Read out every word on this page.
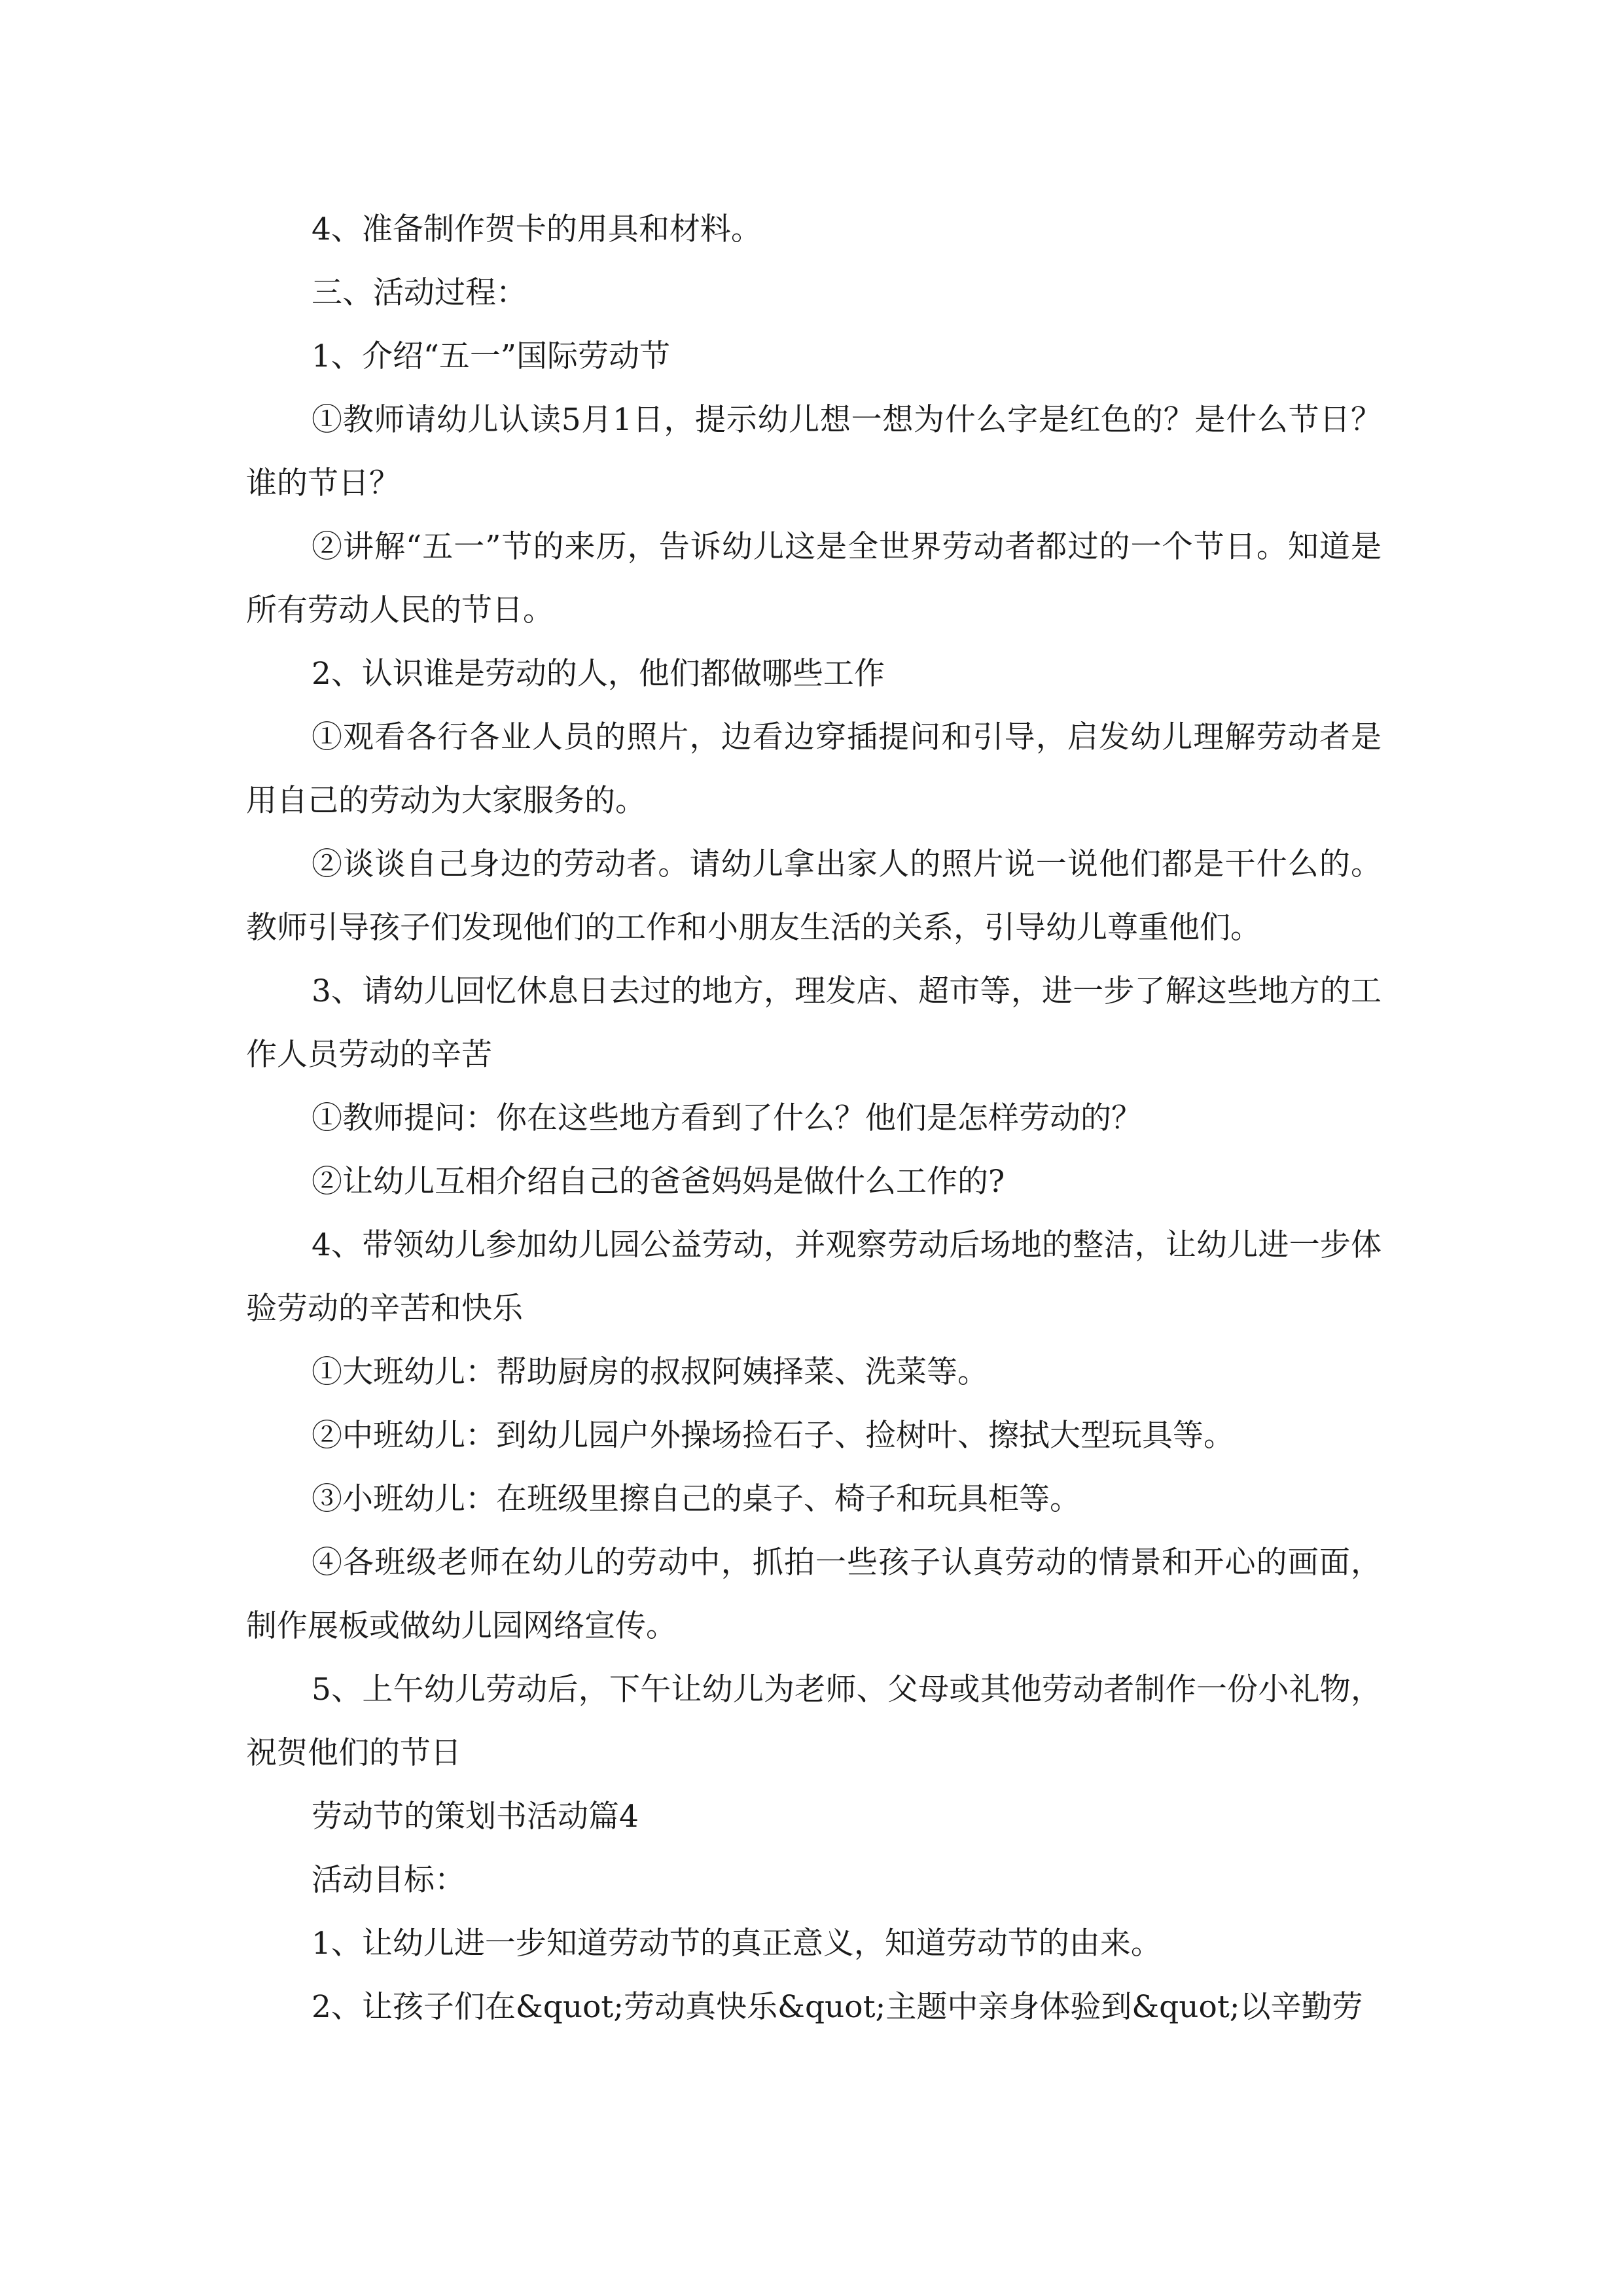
4、准备制作贺卡的用具和材料。

三、活动过程：

1、介绍“五一”国际劳动节

①教师请幼儿认读5月1日，提示幼儿想一想为什么字是红色的？是什么节日？谁的节日？

②讲解“五一”节的来历，告诉幼儿这是全世界劳动者都过的一个节日。知道是所有劳动人民的节日。

2、认识谁是劳动的人，他们都做哪些工作

①观看各行各业人员的照片，边看边穿插提问和引导，启发幼儿理解劳动者是用自己的劳动为大家服务的。

②谈谈自己身边的劳动者。请幼儿拿出家人的照片说一说他们都是干什么的。教师引导孩子们发现他们的工作和小朋友生活的关系，引导幼儿尊重他们。

3、请幼儿回忆休息日去过的地方，理发店、超市等，进一步了解这些地方的工作人员劳动的辛苦

①教师提问：你在这些地方看到了什么？他们是怎样劳动的？

②让幼儿互相介绍自己的爸爸妈妈是做什么工作的?

4、带领幼儿参加幼儿园公益劳动，并观察劳动后场地的整洁，让幼儿进一步体验劳动的辛苦和快乐

①大班幼儿：帮助厨房的叔叔阿姨择菜、洗菜等。

②中班幼儿：到幼儿园户外操场捡石子、捡树叶、擦拭大型玩具等。

③小班幼儿：在班级里擦自己的桌子、椅子和玩具柜等。

④各班级老师在幼儿的劳动中，抓拍一些孩子认真劳动的情景和开心的画面，制作展板或做幼儿园网络宣传。

5、上午幼儿劳动后，下午让幼儿为老师、父母或其他劳动者制作一份小礼物，祝贺他们的节日

劳动节的策划书活动篇4

活动目标：

1、让幼儿进一步知道劳动节的真正意义，知道劳动节的由来。

2、让孩子们在&quot;劳动真快乐&quot;主题中亲身体验到&quot;以辛勤劳
